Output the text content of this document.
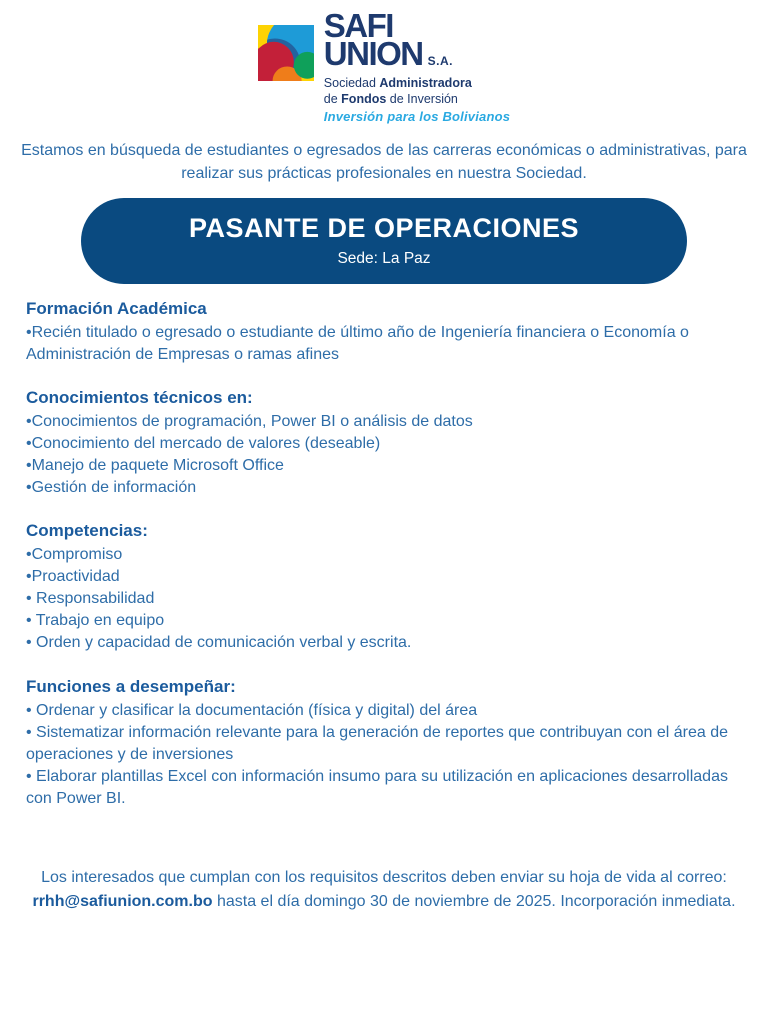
SAFI
UNION S.A.
Sociedad Administradora
de Fondos de Inversión
Inversión para los Bolivianos

Estamos en búsqueda de estudiantes o egresados de las carreras económicas o administrativas, para realizar sus prácticas profesionales en nuestra Sociedad.

PASANTE DE OPERACIONES
Sede: La Paz
Formación Académica

•Recién titulado o egresado o estudiante de último año de Ingeniería financiera o Economía o Administración de Empresas o ramas afines

Conocimientos técnicos en:

•Conocimientos de programación, Power BI o análisis de datos

•Conocimiento del mercado de valores (deseable)

•Manejo de paquete Microsoft Office

•Gestión de información

Competencias:

•Compromiso

•Proactividad

• Responsabilidad

• Trabajo en equipo

• Orden y capacidad de comunicación verbal y escrita.

Funciones a desempeñar:

• Ordenar y clasificar la documentación (física y digital) del área

• Sistematizar información relevante para la generación de reportes que contribuyan con el área de operaciones y de inversiones

• Elaborar plantillas Excel con información insumo para su utilización en aplicaciones desarrolladas con Power BI.

Los interesados que cumplan con los requisitos descritos deben enviar su hoja de vida al correo: rrhh@safiunion.com.bo hasta el día domingo 30 de noviembre de 2025. Incorporación inmediata.
